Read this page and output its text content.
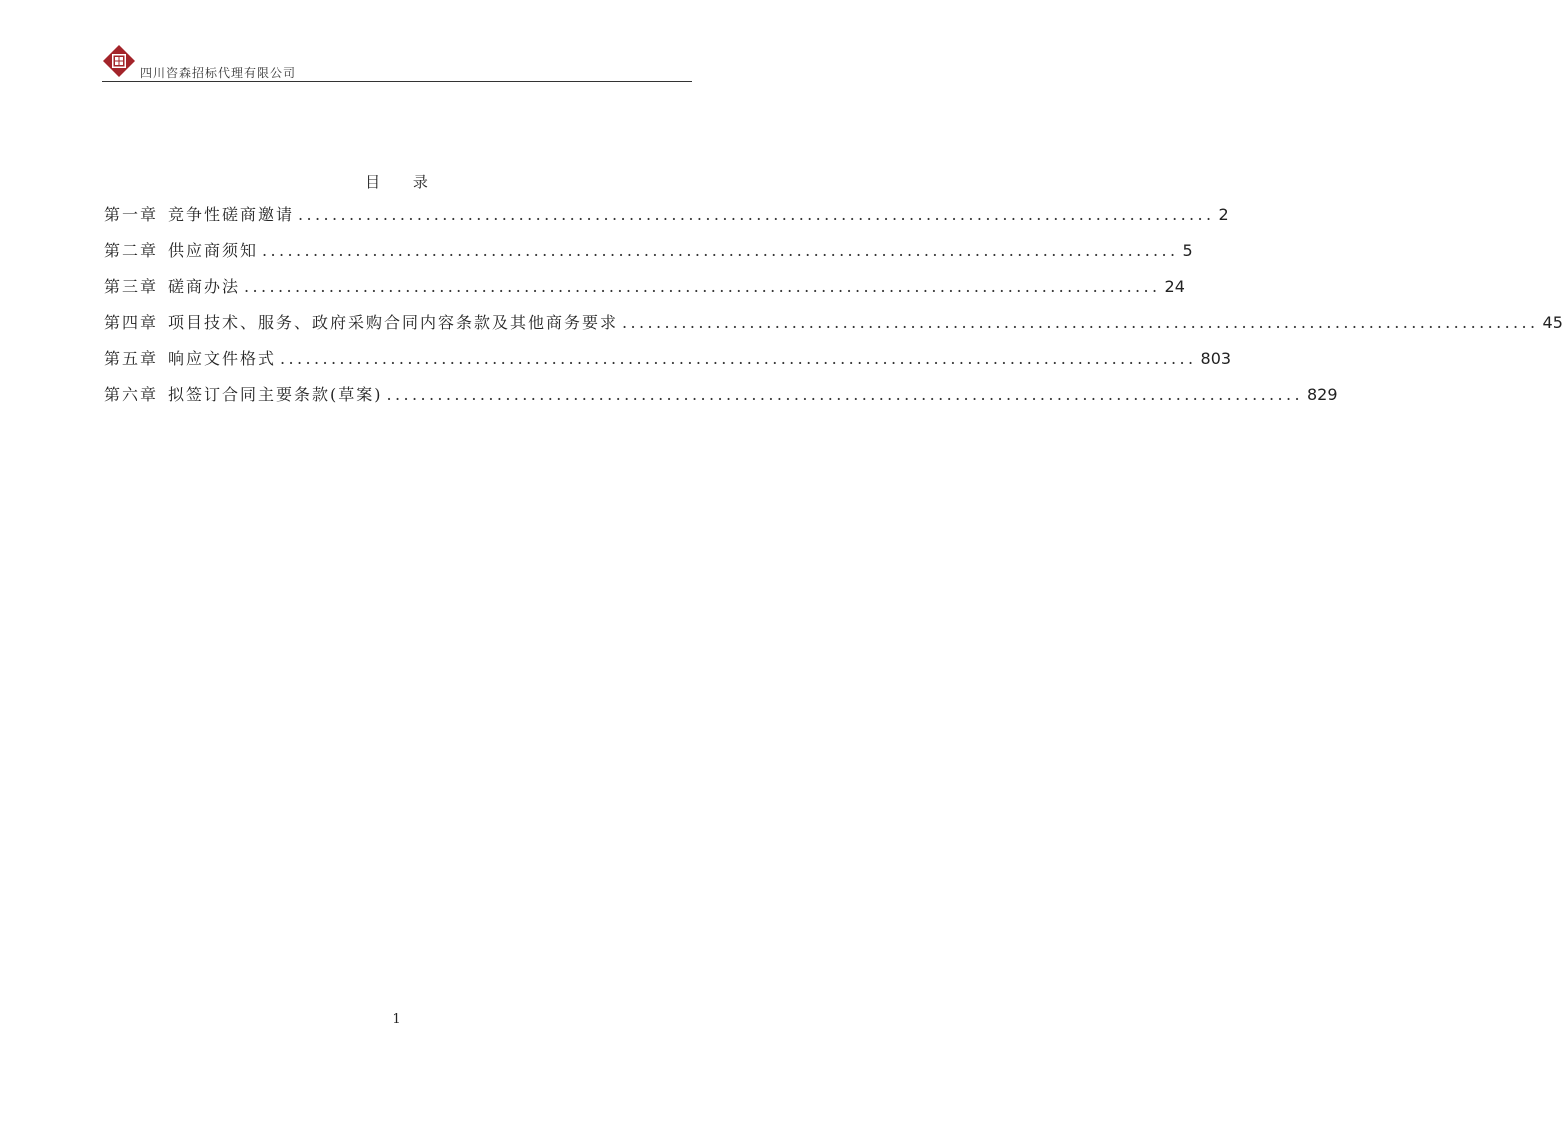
四川咨森招标代理有限公司
目 录
第一章 竞争性磋商邀请 ............................................................................................................ 2
第二章 供应商须知 ............................................................................................................ 5
第三章 磋商办法 ............................................................................................................ 24
第四章 项目技术、服务、政府采购合同内容条款及其他商务要求 ............................................................................................................ 45
第五章 响应文件格式 ............................................................................................................ 803
第六章 拟签订合同主要条款(草案) ............................................................................................................ 829
1
